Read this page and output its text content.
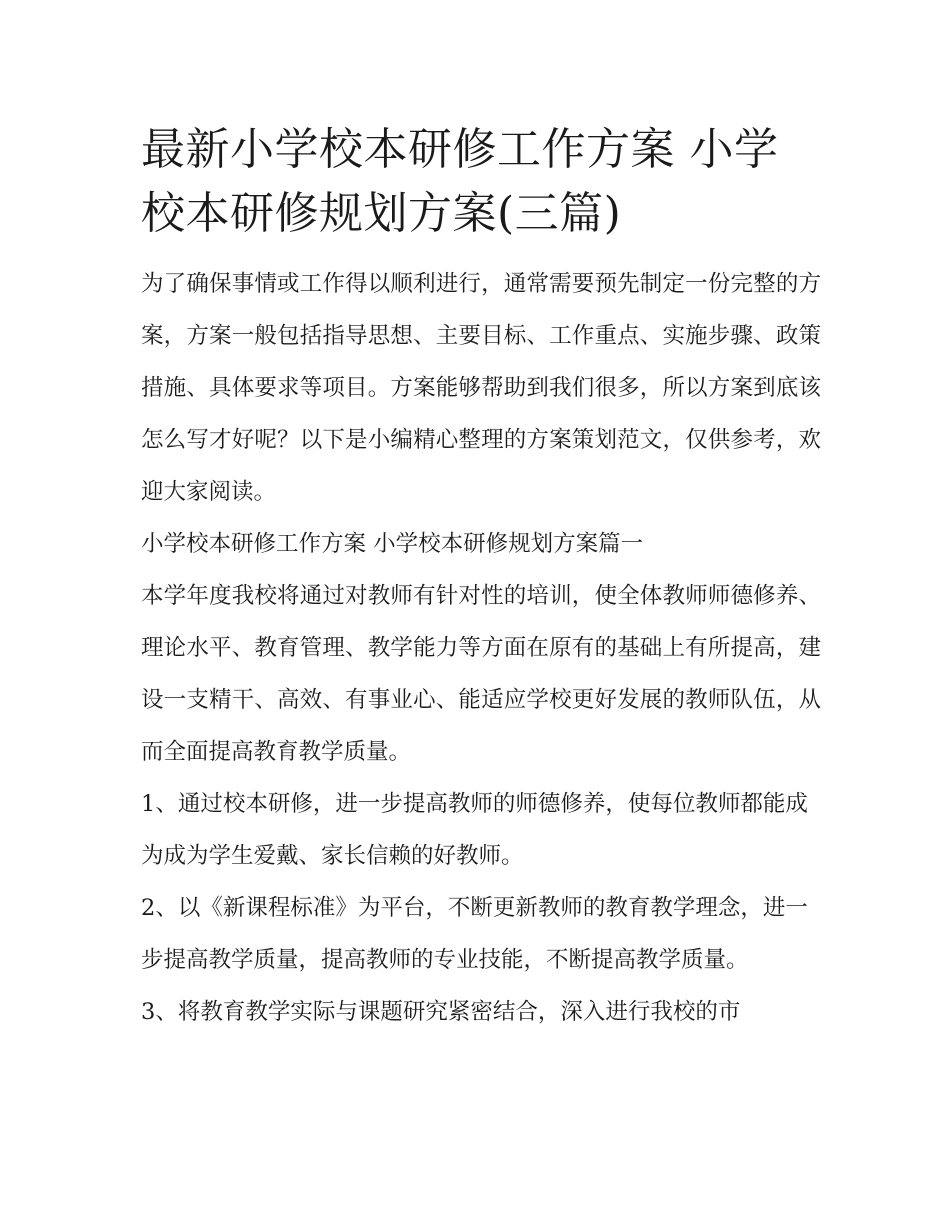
最新小学校本研修工作方案 小学校本研修规划方案(三篇)

为了确保事情或工作得以顺利进行，通常需要预先制定一份完整的方案，方案一般包括指导思想、主要目标、工作重点、实施步骤、政策措施、具体要求等项目。方案能够帮助到我们很多，所以方案到底该怎么写才好呢？以下是小编精心整理的方案策划范文，仅供参考，欢迎大家阅读。

小学校本研修工作方案 小学校本研修规划方案篇一

本学年度我校将通过对教师有针对性的培训，使全体教师师德修养、理论水平、教育管理、教学能力等方面在原有的基础上有所提高，建设一支精干、高效、有事业心、能适应学校更好发展的教师队伍，从而全面提高教育教学质量。

1、通过校本研修，进一步提高教师的师德修养，使每位教师都能成为成为学生爱戴、家长信赖的好教师。

2、以《新课程标准》为平台，不断更新教师的教育教学理念，进一步提高教学质量，提高教师的专业技能，不断提高教学质量。

3、将教育教学实际与课题研究紧密结合，深入进行我校的市
